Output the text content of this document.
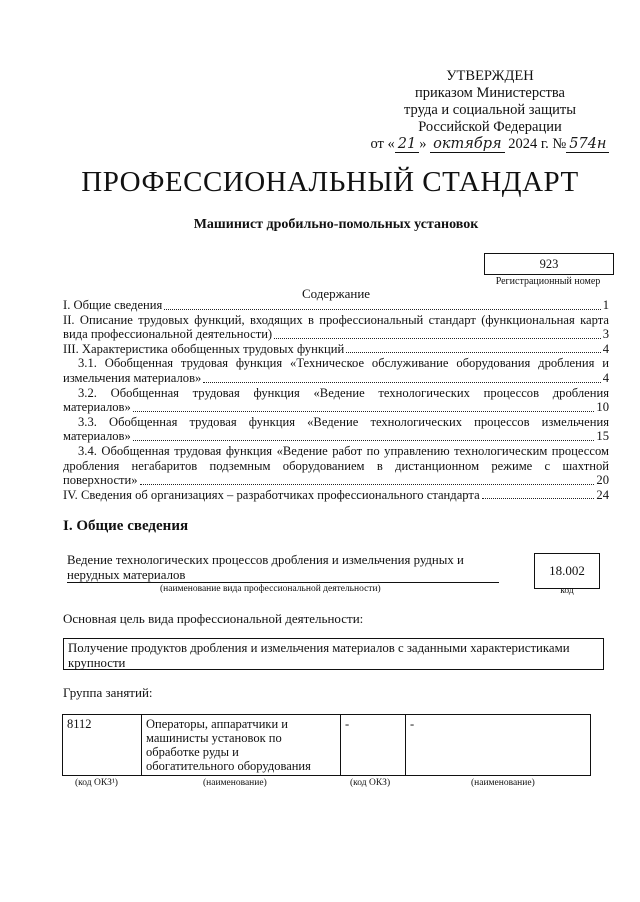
УТВЕРЖДЕН
приказом Министерства
труда и социальной защиты
Российской Федерации
от « 21 » октября 2024 г. № 574н
ПРОФЕССИОНАЛЬНЫЙ СТАНДАРТ
Машинист дробильно-помольных установок
923
Регистрационный номер
Содержание
I. Общие сведения	1
II. Описание трудовых функций, входящих в профессиональный стандарт (функциональная карта
вида профессиональной деятельности)	3
III. Характеристика обобщенных трудовых функций	4
3.1. Обобщенная трудовая функция «Техническое обслуживание оборудования дробления и
измельчения материалов»	4
3.2. Обобщенная трудовая функция «Ведение технологических процессов дробления
материалов»	10
3.3. Обобщенная трудовая функция «Ведение технологических процессов измельчения
материалов»	15
3.4. Обобщенная трудовая функция «Ведение работ по управлению технологическим процессом
дробления негабаритов подземным оборудованием в дистанционном режиме с шахтной
поверхности»	20
IV. Сведения об организациях – разработчиках профессионального стандарта	24
I. Общие сведения
Ведение технологических процессов дробления и измельчения рудных и
нерудных материалов
(наименование вида профессиональной деятельности)
18.002
код
Основная цель вида профессиональной деятельности:
Получение продуктов дробления и измельчения материалов с заданными характеристиками
крупности
Группа занятий:
8112	Операторы, аппаратчики и
машинисты установок по
обработке руды и
обогатительного оборудования
	-	-
(код ОКЗ¹)	(наименование)	(код ОКЗ)	(наименование)
